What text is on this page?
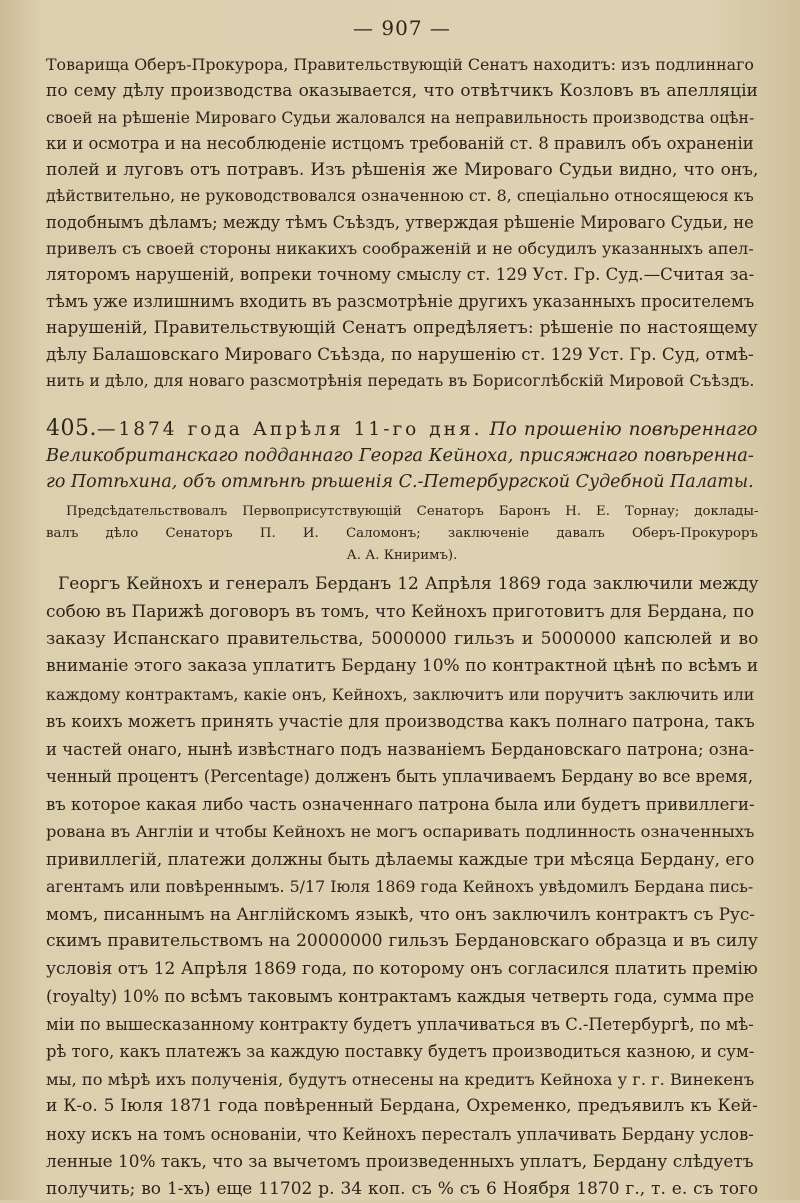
— 907 —
Товарища Оберъ-Прокурора, Правительствующій Сенатъ находитъ: изъ подлиннаго
по сему дѣлу производства оказывается, что отвѣтчикъ Козловъ въ апелляціи
своей на рѣшеніе Мироваго Судьи жаловался на неправильность производства оцѣн-
ки и осмотра и на несоблюденіе истцомъ требованій ст. 8 правилъ объ охраненіи
полей и луговъ отъ потравъ. Изъ рѣшенія же Мироваго Судьи видно, что онъ,
дѣйствительно, не руководствовался означенною ст. 8, спеціально относящеюся къ
подобнымъ дѣламъ; между тѣмъ Съѣздъ, утверждая рѣшеніе Мироваго Судьи, не
привелъ съ своей стороны никакихъ соображеній и не обсудилъ указанныхъ апел-
ляторомъ нарушеній, вопреки точному смыслу ст. 129 Уст. Гр. Суд.—Считая за-
тѣмъ уже излишнимъ входить въ разсмотрѣніе другихъ указанныхъ просителемъ
нарушеній, Правительствующій Сенатъ опредѣляетъ: рѣшеніе по настоящему
дѣлу Балашовскаго Мироваго Съѣзда, по нарушенію ст. 129 Уст. Гр. Суд, отмѣ-
нить и дѣло, для новаго разсмотрѣнія передать въ Борисоглѣбскій Мировой Съѣздъ.
405.—1874 года Апрѣля 11-го дня. По прошенію повѣреннаго
Великобританскаго подданнаго Георга Кейноха, присяжнаго повѣренна-
го Потѣхина, объ отмѣнѣ рѣшенія С.-Петербургской Судебной Палаты.
Предсѣдательствовалъ Первоприсутствующій Сенаторъ Баронъ Н. Е. Торнау; доклады-
валъ дѣло Сенаторъ П. И. Саломонъ; заключеніе давалъ Оберъ-Прокуроръ
А. А. Книримъ).
Георгъ Кейнохъ и генералъ Берданъ 12 Апрѣля 1869 года заключили между
собою въ Парижѣ договоръ въ томъ, что Кейнохъ приготовитъ для Бердана, по
заказу Испанскаго правительства, 5000000 гильзъ и 5000000 капсюлей и во
вниманіе этого заказа уплатитъ Бердану 10% по контрактной цѣнѣ по всѣмъ и
каждому контрактамъ, какіе онъ, Кейнохъ, заключитъ или поручитъ заключить или
въ коихъ можетъ принять участіе для производства какъ полнаго патрона, такъ
и частей онаго, нынѣ извѣстнаго подъ названіемъ Бердановскаго патрона; озна-
ченный процентъ (Percentage) долженъ быть уплачиваемъ Бердану во все время,
въ которое какая либо часть означеннаго патрона была или будетъ привиллеги-
рована въ Англіи и чтобы Кейнохъ не могъ оспаривать подлинность означенныхъ
привиллегій, платежи должны быть дѣлаемы каждые три мѣсяца Бердану, его
агентамъ или повѣреннымъ. 5/17 Іюля 1869 года Кейнохъ увѣдомилъ Бердана пись-
момъ, писаннымъ на Англійскомъ языкѣ, что онъ заключилъ контрактъ съ Рус-
скимъ правительствомъ на 20000000 гильзъ Бердановскаго образца и въ силу
условія отъ 12 Апрѣля 1869 года, по которому онъ согласился платить премію
(royalty) 10% по всѣмъ таковымъ контрактамъ каждыя четверть года, сумма пре
міи по вышесказанному контракту будетъ уплачиваться въ С.-Петербургѣ, по мѣ-
рѣ того, какъ платежъ за каждую поставку будетъ производиться казною, и сум-
мы, по мѣрѣ ихъ полученія, будутъ отнесены на кредитъ Кейноха у г. г. Винекенъ
и К-о. 5 Іюля 1871 года повѣренный Бердана, Охременко, предъявилъ къ Кей-
ноху искъ на томъ основаніи, что Кейнохъ пересталъ уплачивать Бердану услов-
ленные 10% такъ, что за вычетомъ произведенныхъ уплатъ, Бердану слѣдуетъ
получить; во 1-хъ) еще 11702 р. 34 коп. съ % съ 6 Ноября 1870 г., т. е. съ того
